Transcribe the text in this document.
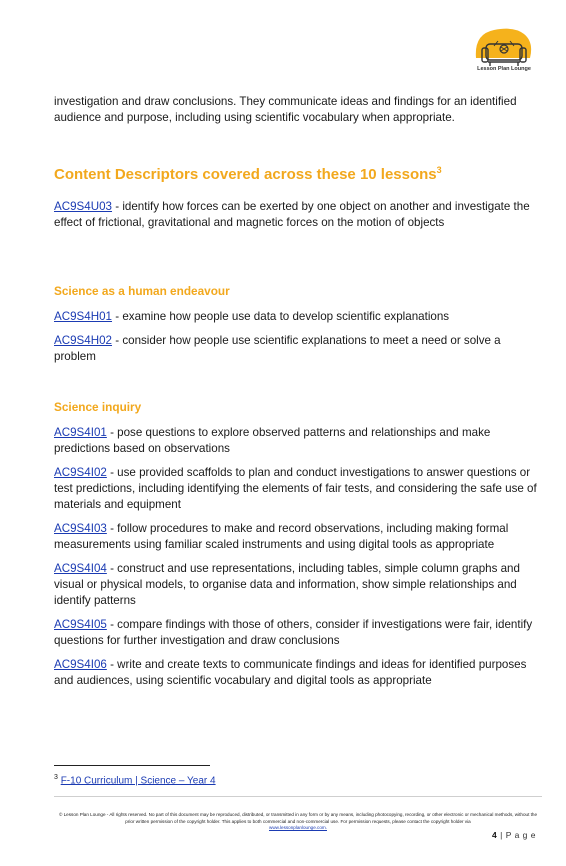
Lesson Plan Lounge

investigation and draw conclusions. They communicate ideas and findings for an identified audience and purpose, including using scientific vocabulary when appropriate.

Content Descriptors covered across these 10 lessons$^3$

AC9S4U03 - identify how forces can be exerted by one object on another and investigate the effect of frictional, gravitational and magnetic forces on the motion of objects

Science as a human endeavour

AC9S4H01 - examine how people use data to develop scientific explanations

AC9S4H02 - consider how people use scientific explanations to meet a need or solve a problem

Science inquiry

AC9S4I01 - pose questions to explore observed patterns and relationships and make predictions based on observations

AC9S4I02 - use provided scaffolds to plan and conduct investigations to answer questions or test predictions, including identifying the elements of fair tests, and considering the safe use of materials and equipment

AC9S4I03 - follow procedures to make and record observations, including making formal measurements using familiar scaled instruments and using digital tools as appropriate

AC9S4I04 - construct and use representations, including tables, simple column graphs and visual or physical models, to organise data and information, show simple relationships and identify patterns

AC9S4I05 - compare findings with those of others, consider if investigations were fair, identify questions for further investigation and draw conclusions

AC9S4I06 - write and create texts to communicate findings and ideas for identified purposes and audiences, using scientific vocabulary and digital tools as appropriate

$^3$ F-10 Curriculum | Science – Year 4
© Lesson Plan Lounge - All rights reserved. No part of this document may be reproduced, distributed, or transmitted in any form or by any means, including photocopying, recording, or other electronic or mechanical methods, without the prior written permission of the copyright holder. This applies to both commercial and non-commercial use. For permission requests, please contact the copyright holder via
www.lessonplanlounge.com.
4 | P a g e
